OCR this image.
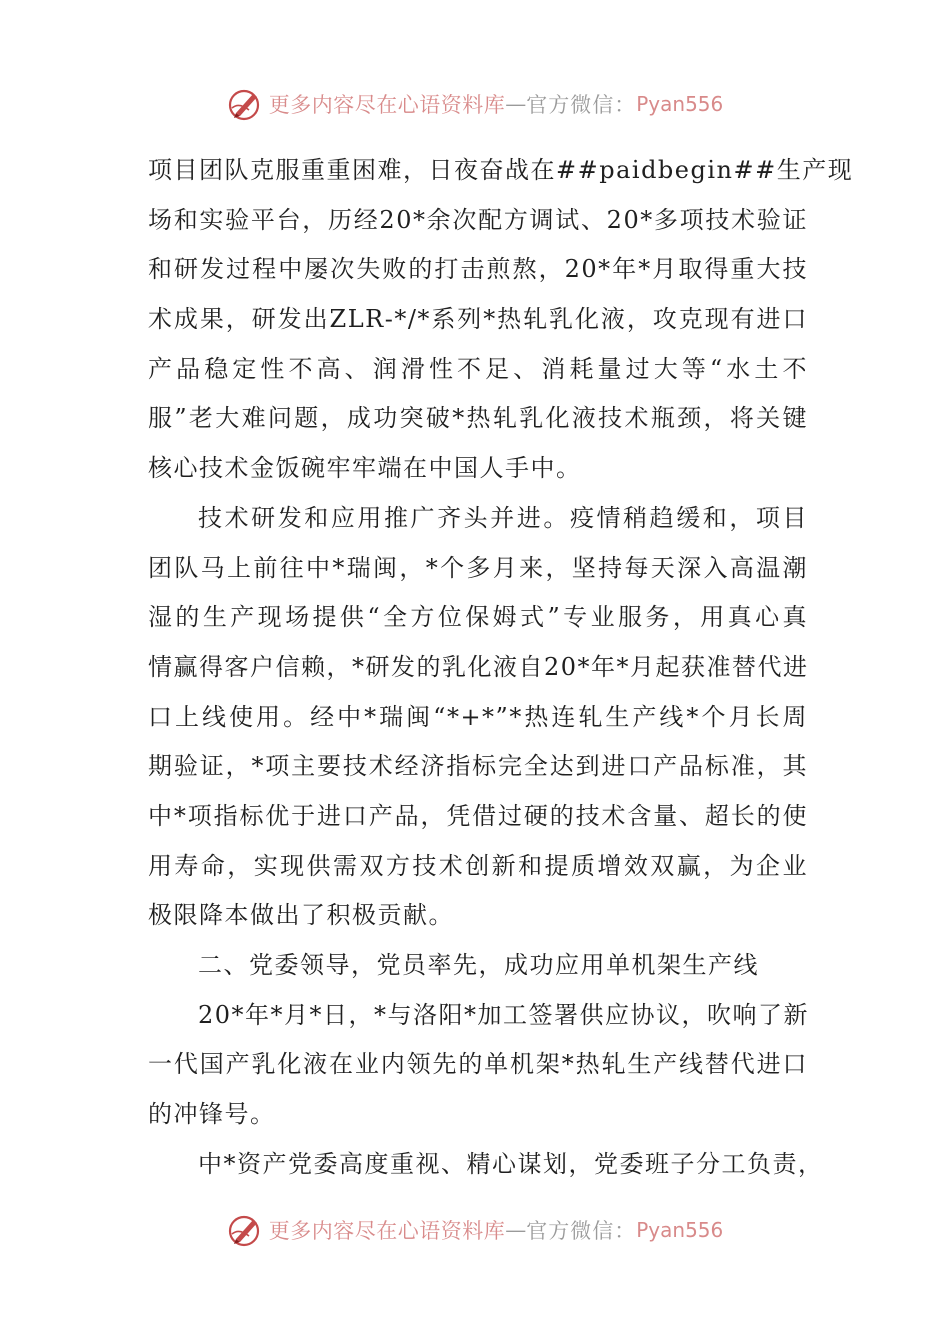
更多内容尽在心语资料库 — 官方微信： Pyan556
项目团队克服重重困难，日夜奋战在##paidbegin##生产现
场和实验平台，历经20*余次配方调试、20*多项技术验证
和研发过程中屡次失败的打击煎熬，20*年*月取得重大技
术成果，研发出ZLR-*/*系列*热轧乳化液，攻克现有进口
产品稳定性不高、润滑性不足、消耗量过大等“水土不
服”老大难问题，成功突破*热轧乳化液技术瓶颈，将关键
核心技术金饭碗牢牢端在中国人手中。
技术研发和应用推广齐头并进。疫情稍趋缓和，项目
团队马上前往中*瑞闽，*个多月来，坚持每天深入高温潮
湿的生产现场提供“全方位保姆式”专业服务，用真心真
情赢得客户信赖，*研发的乳化液自20*年*月起获准替代进
口上线使用。经中*瑞闽“*+*”*热连轧生产线*个月长周
期验证，*项主要技术经济指标完全达到进口产品标准，其
中*项指标优于进口产品，凭借过硬的技术含量、超长的使
用寿命，实现供需双方技术创新和提质增效双赢，为企业
极限降本做出了积极贡献。
二、党委领导，党员率先，成功应用单机架生产线
20*年*月*日，*与洛阳*加工签署供应协议，吹响了新
一代国产乳化液在业内领先的单机架*热轧生产线替代进口
的冲锋号。
中*资产党委高度重视、精心谋划，党委班子分工负责，
更多内容尽在心语资料库 — 官方微信： Pyan556
